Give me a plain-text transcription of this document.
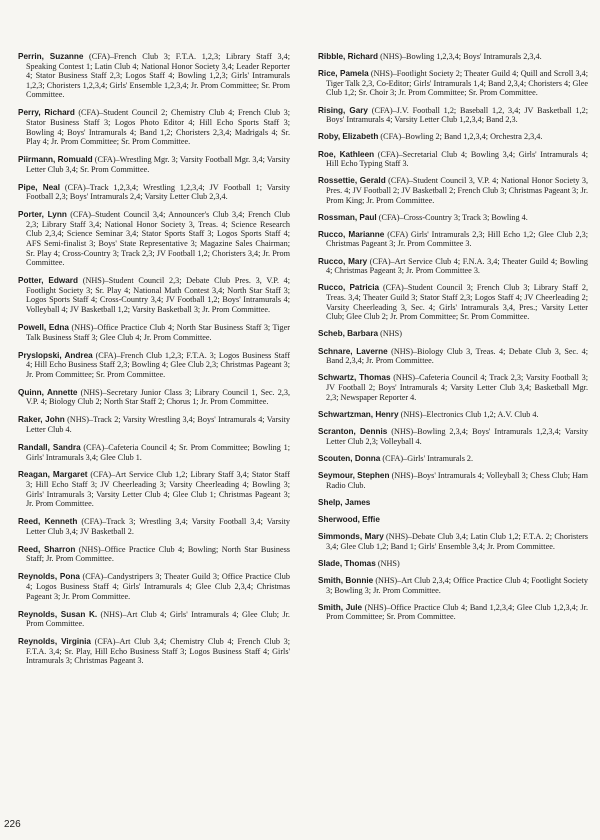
Perrin, Suzanne (CFA)–French Club 3; F.T.A. 1,2,3; Library Staff 3,4; Speaking Contest 1; Latin Club 4; National Honor Society 3,4; Leader Reporter 4; Stator Business Staff 2,3; Logos Staff 4; Bowling 1,2,3; Girls' Intramurals 1,2,3; Choristers 1,2,3,4; Girls' Ensemble 1,2,3,4; Jr. Prom Committee; Sr. Prom Committee.

Perry, Richard (CFA)–Student Council 2; Chemistry Club 4; French Club 3; Stator Business Staff 3; Logos Photo Editor 4; Hill Echo Sports Staff 3; Bowling 4; Boys' Intramurals 4; Band 1,2; Choristers 2,3,4; Madrigals 4; Sr. Play 4; Jr. Prom Committee; Sr. Prom Committee.

Piirmann, Romuald (CFA)–Wrestling Mgr. 3; Varsity Football Mgr. 3,4; Varsity Letter Club 3,4; Sr. Prom Committee.

Pipe, Neal (CFA)–Track 1,2,3,4; Wrestling 1,2,3,4; JV Football 1; Varsity Football 2,3; Boys' Intramurals 2,4; Varsity Letter Club 2,3,4.

Porter, Lynn (CFA)–Student Council 3,4; Announcer's Club 3,4; French Club 2,3; Library Staff 3,4; National Honor Society 3, Treas. 4; Science Research Club 2,3,4; Science Seminar 3,4; Stator Sports Staff 3; Logos Sports Staff 4; AFS Semi-finalist 3; Boys' State Representative 3; Magazine Sales Chairman; Sr. Play 4; Cross-Country 3; Track 2,3; JV Football 1,2; Choristers 3,4; Jr. Prom Committee.

Potter, Edward (NHS)–Student Council 2,3; Debate Club Pres. 3, V.P. 4; Footlight Society 3; Sr. Play 4; National Math Contest 3,4; North Star Staff 3; Logos Sports Staff 4; Cross-Country 3,4; JV Football 1,2; Boys' Intramurals 4; Volleyball 4; JV Basketball 1,2; Varsity Basketball 3; Jr. Prom Committee.

Powell, Edna (NHS)–Office Practice Club 4; North Star Business Staff 3; Tiger Talk Business Staff 3; Glee Club 4; Jr. Prom Committee.

Pryslopski, Andrea (CFA)–French Club 1,2,3; F.T.A. 3; Logos Business Staff 4; Hill Echo Business Staff 2,3; Bowling 4; Glee Club 2,3; Christmas Pageant 3; Jr. Prom Committee; Sr. Prom Committee.

Quinn, Annette (NHS)–Secretary Junior Class 3; Library Council 1, Sec. 2,3, V.P. 4; Biology Club 2; North Star Staff 2; Chorus 1; Jr. Prom Committee.

Raker, John (NHS)–Track 2; Varsity Wrestling 3,4; Boys' Intramurals 4; Varsity Letter Club 4.

Randall, Sandra (CFA)–Cafeteria Council 4; Sr. Prom Committee; Bowling 1; Girls' Intramurals 3,4; Glee Club 1.

Reagan, Margaret (CFA)–Art Service Club 1,2; Library Staff 3,4; Stator Staff 3; Hill Echo Staff 3; JV Cheerleading 3; Varsity Cheerleading 4; Bowling 3; Girls' Intramurals 3; Varsity Letter Club 4; Glee Club 1; Christmas Pageant 3; Jr. Prom Committee.

Reed, Kenneth (CFA)–Track 3; Wrestling 3,4; Varsity Football 3,4; Varsity Letter Club 3,4; JV Basketball 2.

Reed, Sharron (NHS)–Office Practice Club 4; Bowling; North Star Business Staff; Jr. Prom Committee.

Reynolds, Pona (CFA)–Candystripers 3; Theater Guild 3; Office Practice Club 4; Logos Business Staff 4; Girls' Intramurals 4; Glee Club 2,3,4; Christmas Pageant 3; Jr. Prom Committee.

Reynolds, Susan K. (NHS)–Art Club 4; Girls' Intramurals 4; Glee Club; Jr. Prom Committee.

Reynolds, Virginia (CFA)–Art Club 3,4; Chemistry Club 4; French Club 3; F.T.A. 3,4; Sr. Play, Hill Echo Business Staff 3; Logos Business Staff 4; Girls' Intramurals 3; Christmas Pageant 3.

Ribble, Richard (NHS)–Bowling 1,2,3,4; Boys' Intramurals 2,3,4.

Rice, Pamela (NHS)–Footlight Society 2; Theater Guild 4; Quill and Scroll 3,4; Tiger Talk 2,3, Co-Editor; Girls' Intramurals 1,4; Band 2,3,4; Choristers 4; Glee Club 1,2; Sr. Choir 3; Jr. Prom Committee; Sr. Prom Committee.

Rising, Gary (CFA)–J.V. Football 1,2; Baseball 1,2, 3,4; JV Basketball 1,2; Boys' Intramurals 4; Varsity Letter Club 1,2,3,4; Band 2,3.

Roby, Elizabeth (CFA)–Bowling 2; Band 1,2,3,4; Orchestra 2,3,4.

Roe, Kathleen (CFA)–Secretarial Club 4; Bowling 3,4; Girls' Intramurals 4; Hill Echo Typing Staff 3.

Rossettie, Gerald (CFA)–Student Council 3, V.P. 4; National Honor Society 3, Pres. 4; JV Football 2; JV Basketball 2; French Club 3; Christmas Pageant 3; Jr. Prom King; Jr. Prom Committee.

Rossman, Paul (CFA)–Cross-Country 3; Track 3; Bowling 4.

Rucco, Marianne (CFA) Girls' Intramurals 2,3; Hill Echo 1,2; Glee Club 2,3; Christmas Pageant 3; Jr. Prom Committee 3.

Rucco, Mary (CFA)–Art Service Club 4; F.N.A. 3,4; Theater Guild 4; Bowling 4; Christmas Pageant 3; Jr. Prom Committee 3.

Rucco, Patricia (CFA)–Student Council 3; French Club 3; Library Staff 2, Treas. 3,4; Theater Guild 3; Stator Staff 2,3; Logos Staff 4; JV Cheerleading 2; Varsity Cheerleading 3, Sec. 4; Girls' Intramurals 3,4, Pres.; Varsity Letter Club; Glee Club 2; Jr. Prom Committee; Sr. Prom Committee.

Scheb, Barbara (NHS)

Schnare, Laverne (NHS)–Biology Club 3, Treas. 4; Debate Club 3, Sec. 4; Band 2,3,4; Jr. Prom Committee.

Schwartz, Thomas (NHS)–Cafeteria Council 4; Track 2,3; Varsity Football 3; JV Football 2; Boys' Intramurals 4; Varsity Letter Club 3,4; Basketball Mgr. 2,3; Newspaper Reporter 4.

Schwartzman, Henry (NHS)–Electronics Club 1,2; A.V. Club 4.

Scranton, Dennis (NHS)–Bowling 2,3,4; Boys' Intramurals 1,2,3,4; Varsity Letter Club 2,3; Volleyball 4.

Scouten, Donna (CFA)–Girls' Intramurals 2.

Seymour, Stephen (NHS)–Boys' Intramurals 4; Volleyball 3; Chess Club; Ham Radio Club.

Shelp, James

Sherwood, Effie

Simmonds, Mary (NHS)–Debate Club 3,4; Latin Club 1,2; F.T.A. 2; Choristers 3,4; Glee Club 1,2; Band 1; Girls' Ensemble 3,4; Jr. Prom Committee.

Slade, Thomas (NHS)

Smith, Bonnie (NHS)–Art Club 2,3,4; Office Practice Club 4; Footlight Society 3; Bowling 3; Jr. Prom Committee.

Smith, Jule (NHS)–Office Practice Club 4; Band 1,2,3,4; Glee Club 1,2,3,4; Jr. Prom Committee; Sr. Prom Committee.

226
